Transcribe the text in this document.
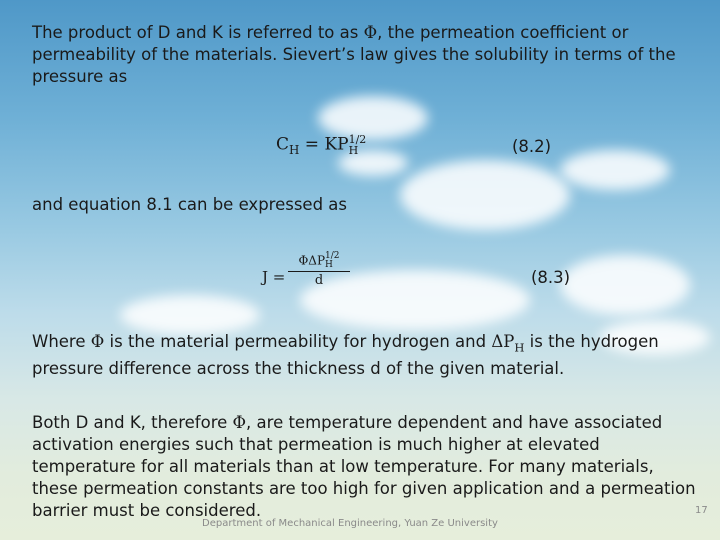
The product of D and K is referred to as Φ, the permeation coefficient or permeability of the materials. Sievert’s law gives the solubility in terms of the pressure as

$C_H$ = KP 1/2
H	(8.2)

and equation 8.1 can be expressed as

J =
ΦΔP 1/2
H
d	(8.3)

Where Φ is the material permeability for hydrogen and $\Delta P_H$ is the hydrogen pressure difference across the thickness d of the given material.

Both D and K, therefore Φ, are temperature dependent and have associated activation energies such that permeation is much higher at elevated temperature for all materials than at low temperature. For many materials, these permeation constants are too high for given application and a permeation barrier must be considered.

Department of Mechanical Engineering, Yuan Ze University
17
